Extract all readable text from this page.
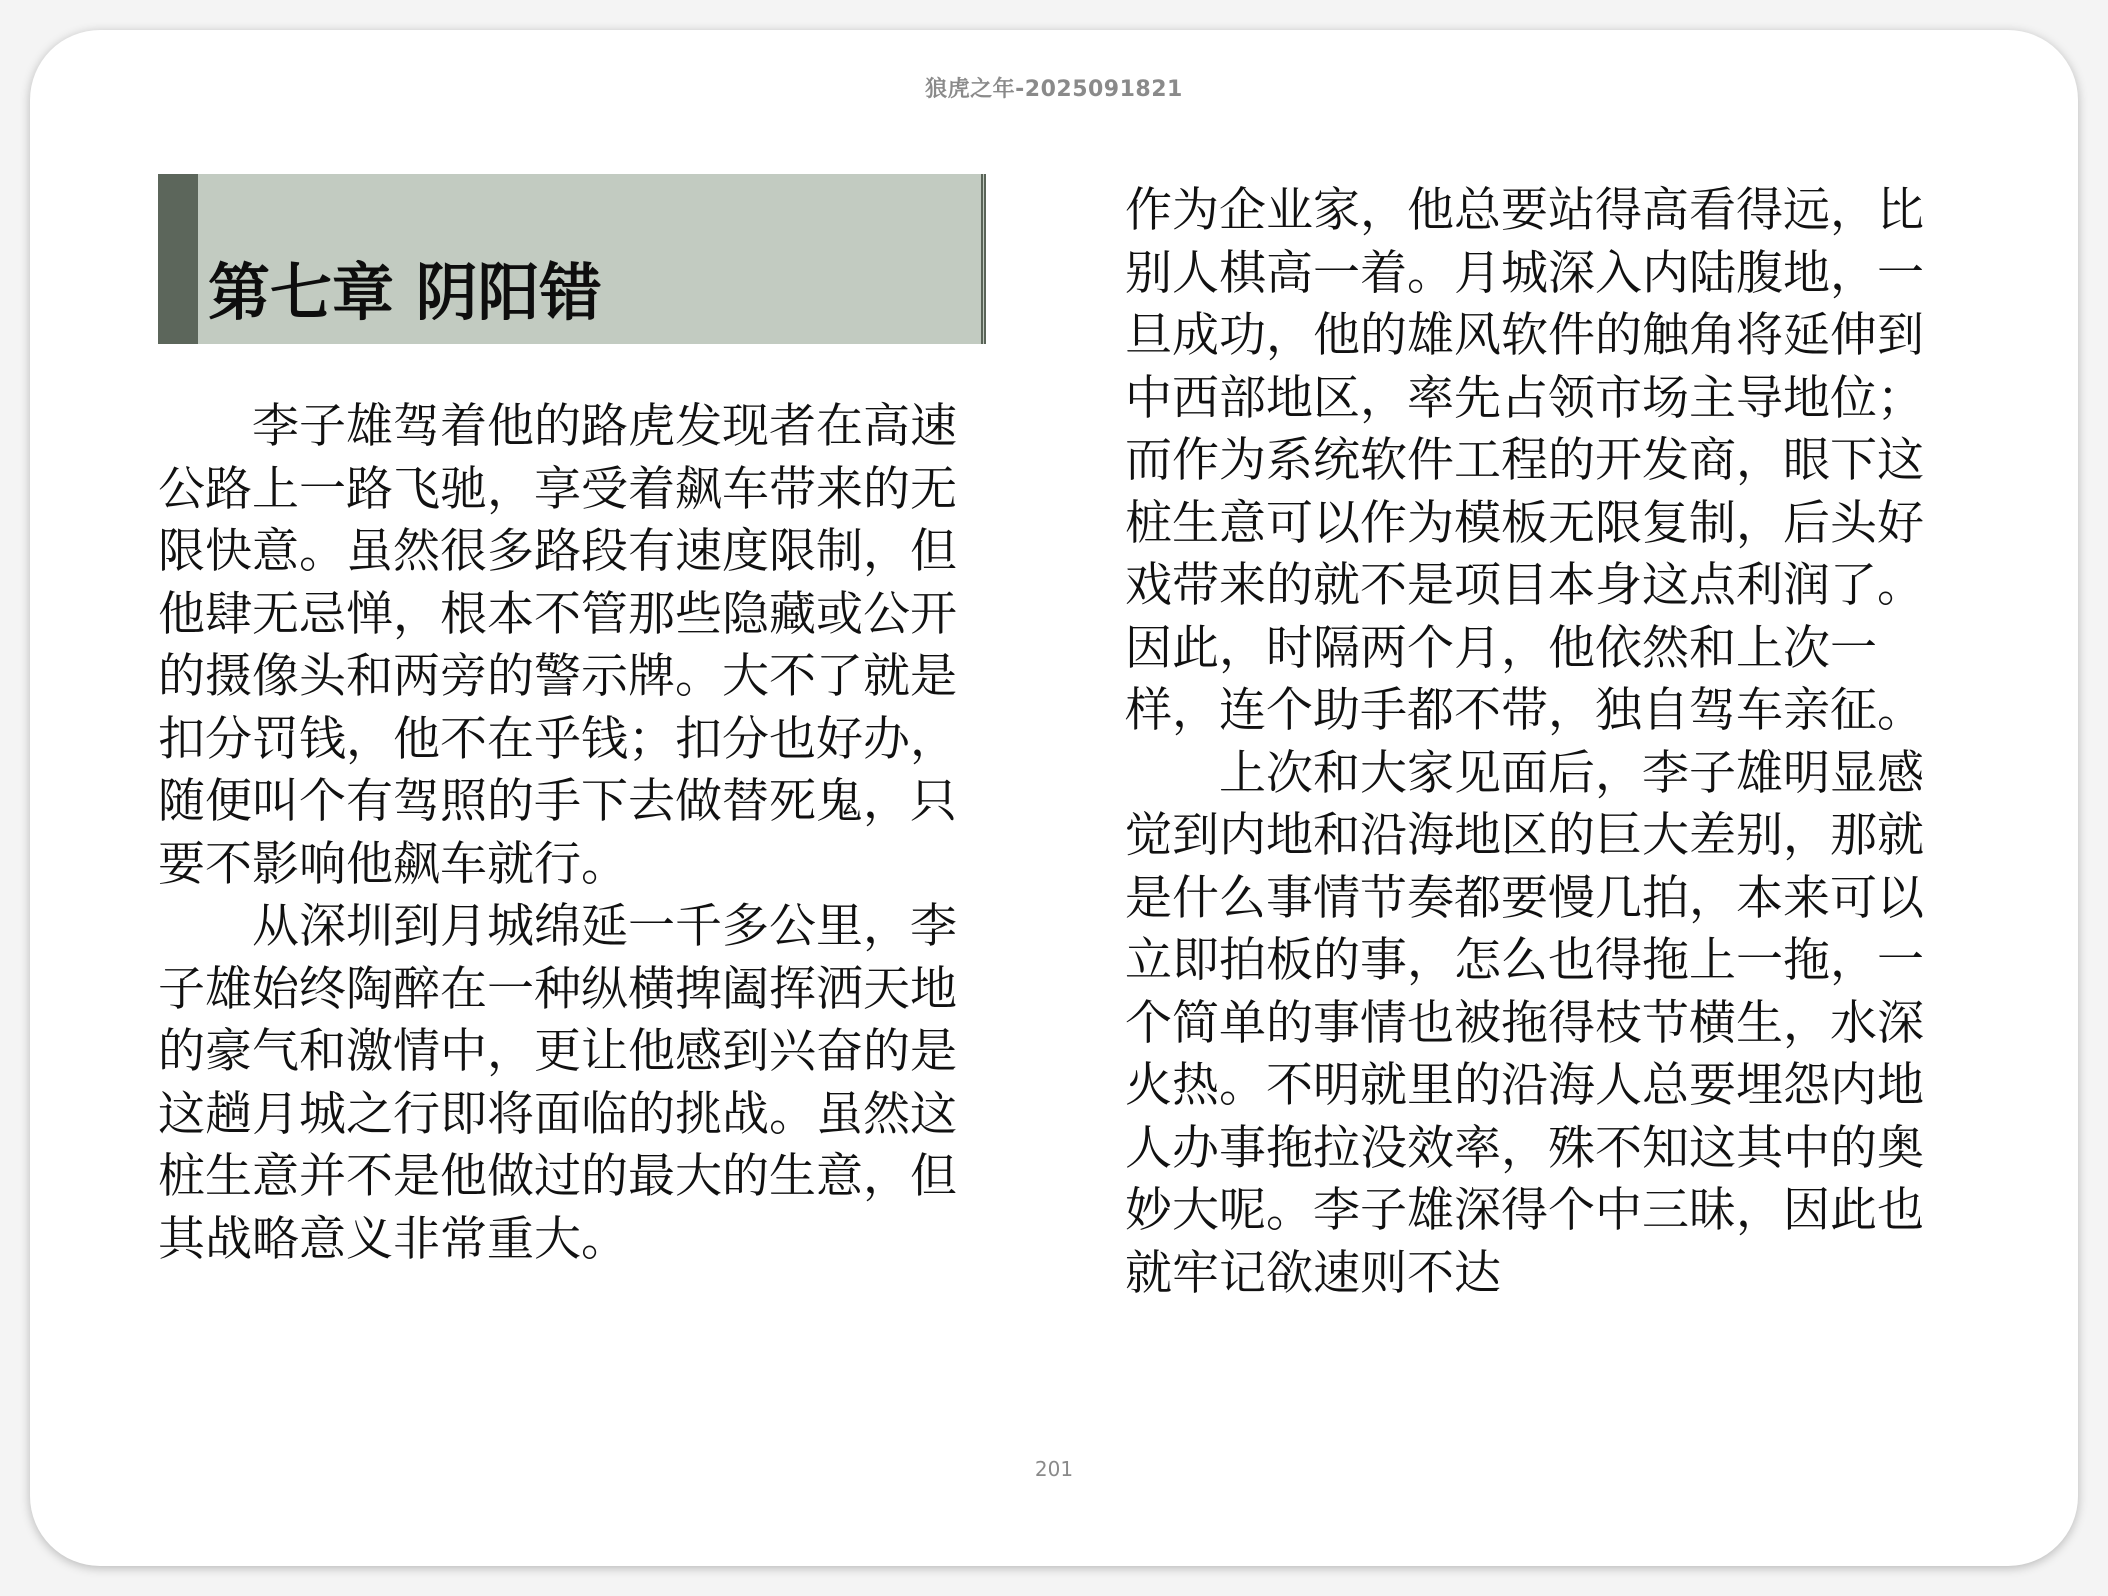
狼虎之年-2025091821
第七章 阴阳错

李子雄驾着他的路虎发现者在高速公路上一路飞驰，享受着飙车带来的无限快意。虽然很多路段有速度限制，但他肆无忌惮，根本不管那些隐藏或公开的摄像头和两旁的警示牌。大不了就是扣分罚钱，他不在乎钱；扣分也好办，随便叫个有驾照的手下去做替死鬼，只要不影响他飙车就行。

从深圳到月城绵延一千多公里，李子雄始终陶醉在一种纵横捭阖挥洒天地的豪气和激情中，更让他感到兴奋的是这趟月城之行即将面临的挑战。虽然这桩生意并不是他做过的最大的生意，但其战略意义非常重大。

作为企业家，他总要站得高看得远，比别人棋高一着。月城深入内陆腹地，一旦成功，他的雄风软件的触角将延伸到中西部地区，率先占领市场主导地位；而作为系统软件工程的开发商，眼下这桩生意可以作为模板无限复制，后头好戏带来的就不是项目本身这点利润了。因此，时隔两个月，他依然和上次一样，连个助手都不带，独自驾车亲征。

上次和大家见面后，李子雄明显感觉到内地和沿海地区的巨大差别，那就是什么事情节奏都要慢几拍，本来可以立即拍板的事，怎么也得拖上一拖，一个简单的事情也被拖得枝节横生，水深火热。不明就里的沿海人总要埋怨内地人办事拖拉没效率，殊不知这其中的奥妙大呢。李子雄深得个中三昧，因此也就牢记欲速则不达

201
